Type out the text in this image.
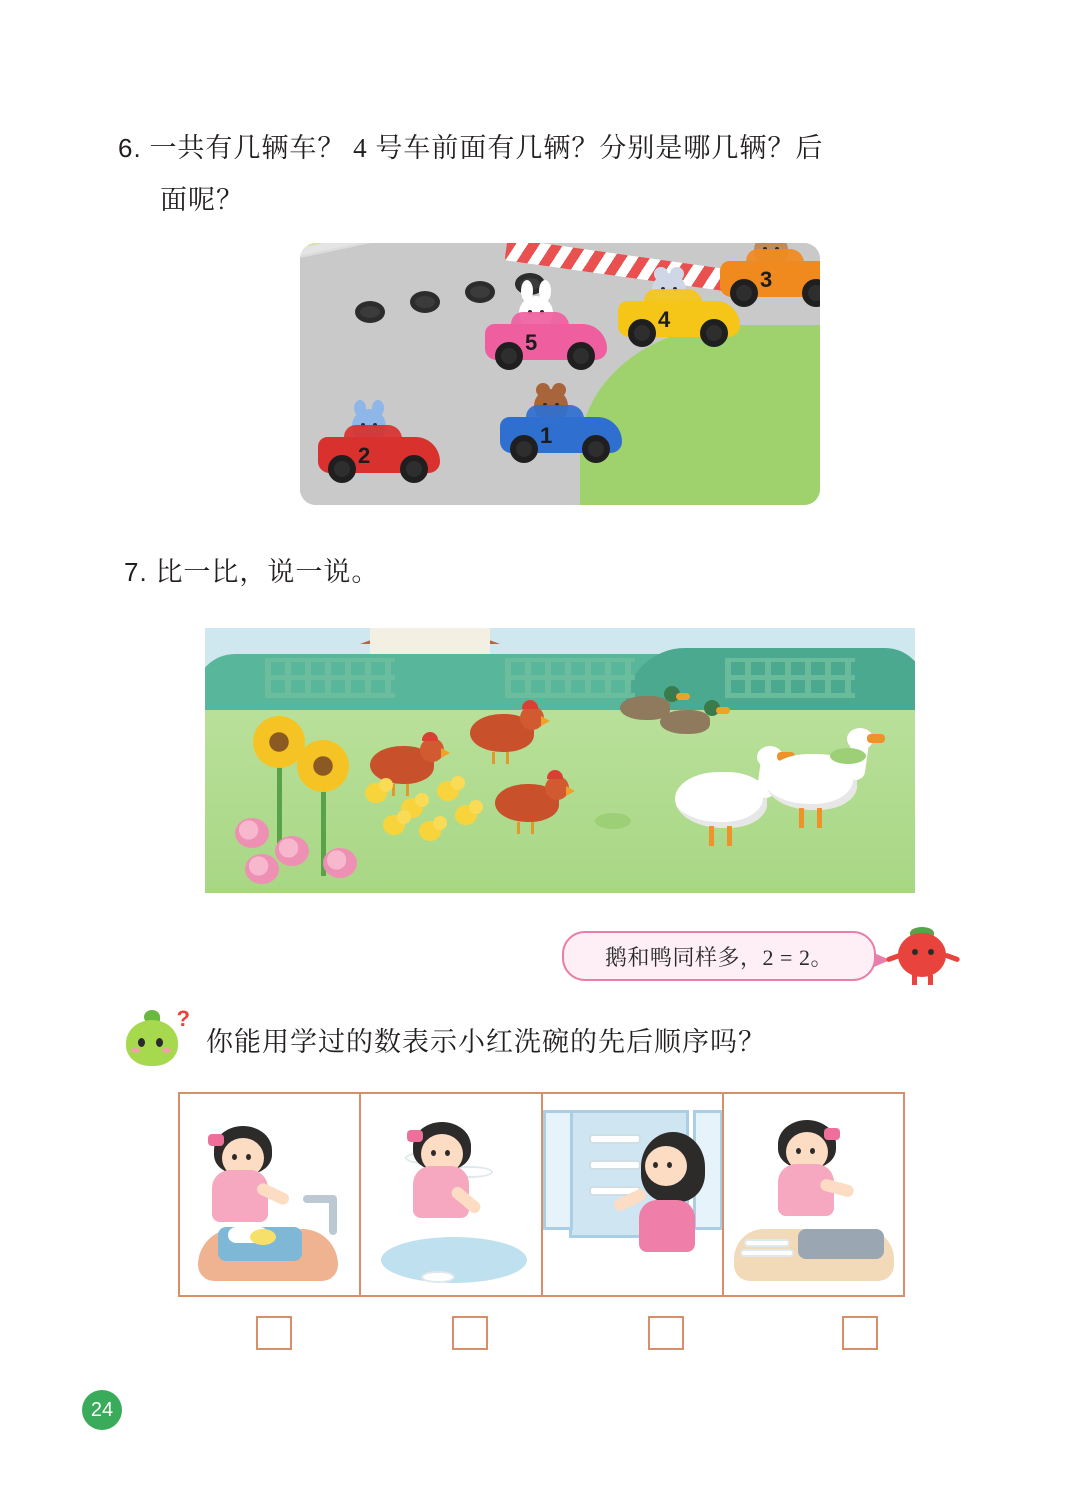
6. 一共有几辆车？ 4 号车前面有几辆？分别是哪几辆？后
面呢？
3
4
5
1
2
7. 比一比，说一说。
鹅和鸭同样多，2 = 2。
?
你能用学过的数表示小红洗碗的先后顺序吗？
24
